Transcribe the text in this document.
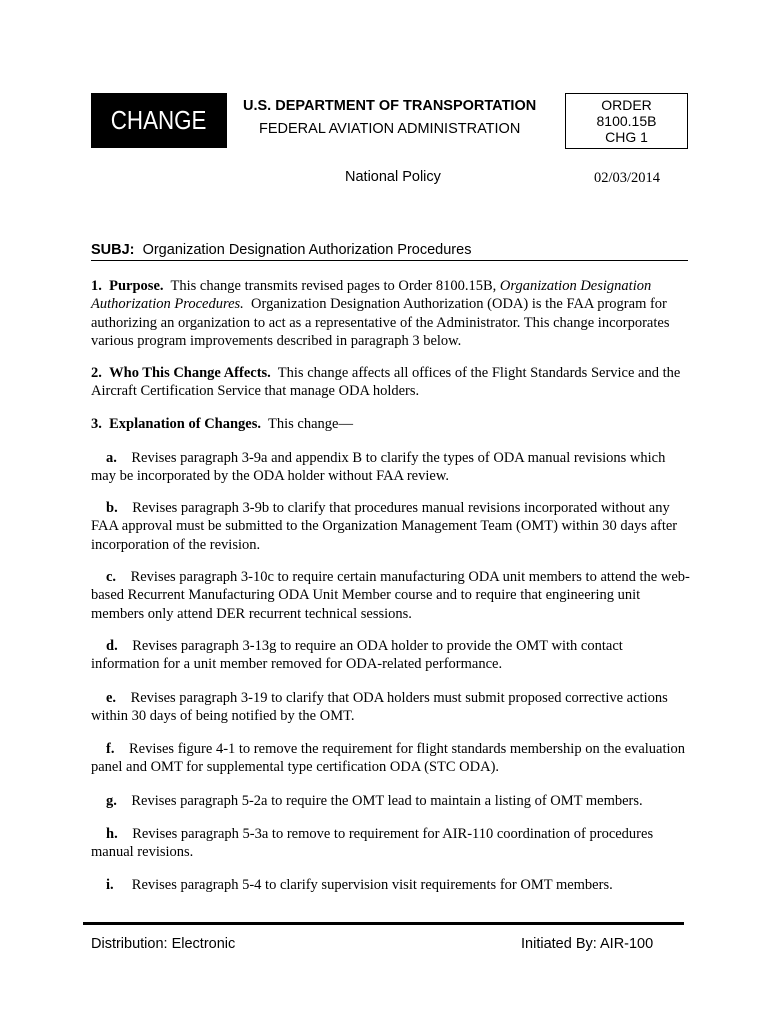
CHANGE U.S. DEPARTMENT OF TRANSPORTATION
FEDERAL AVIATION ADMINISTRATION
ORDER
8100.15B
CHG 1
National Policy	02/03/2014
SUBJ: Organization Designation Authorization Procedures
1. Purpose. This change transmits revised pages to Order 8100.15B, Organization Designation Authorization Procedures. Organization Designation Authorization (ODA) is the FAA program for authorizing an organization to act as a representative of the Administrator. This change incorporates various program improvements described in paragraph 3 below.
2. Who This Change Affects. This change affects all offices of the Flight Standards Service and the Aircraft Certification Service that manage ODA holders.
3. Explanation of Changes. This change—
a. Revises paragraph 3-9a and appendix B to clarify the types of ODA manual revisions which may be incorporated by the ODA holder without FAA review.
b. Revises paragraph 3-9b to clarify that procedures manual revisions incorporated without any FAA approval must be submitted to the Organization Management Team (OMT) within 30 days after incorporation of the revision.
c. Revises paragraph 3-10c to require certain manufacturing ODA unit members to attend the web-based Recurrent Manufacturing ODA Unit Member course and to require that engineering unit members only attend DER recurrent technical sessions.
d. Revises paragraph 3-13g to require an ODA holder to provide the OMT with contact information for a unit member removed for ODA-related performance.
e. Revises paragraph 3-19 to clarify that ODA holders must submit proposed corrective actions within 30 days of being notified by the OMT.
f. Revises figure 4-1 to remove the requirement for flight standards membership on the evaluation panel and OMT for supplemental type certification ODA (STC ODA).
g. Revises paragraph 5-2a to require the OMT lead to maintain a listing of OMT members.
h. Revises paragraph 5-3a to remove to requirement for AIR-110 coordination of procedures manual revisions.
i. Revises paragraph 5-4 to clarify supervision visit requirements for OMT members.
Distribution: Electronic	Initiated By: AIR-100
